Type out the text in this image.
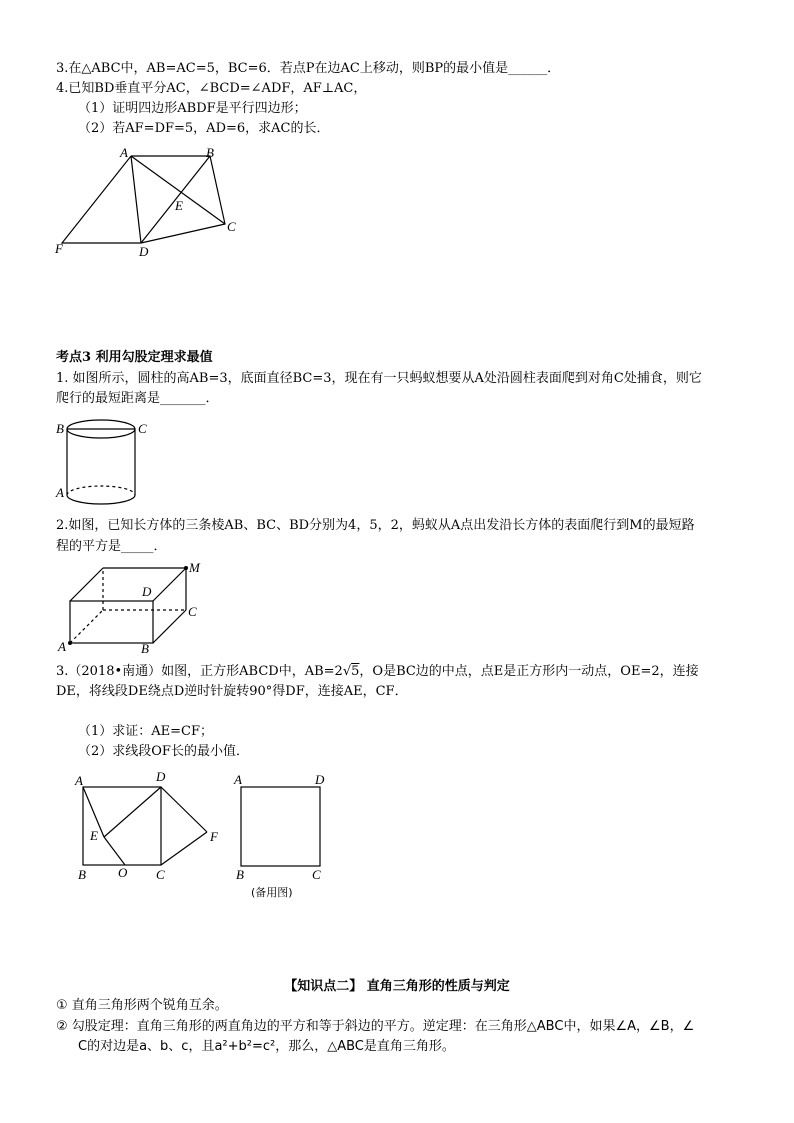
3.在△ABC中，AB=AC=5，BC=6．若点P在边AC上移动，则BP的最小值是______．
4.已知BD垂直平分AC，∠BCD=∠ADF，AF⊥AC，
（1）证明四边形ABDF是平行四边形；
（2）若AF=DF=5，AD=6，求AC的长．
A	B
C
D
E
F
考点3 利用勾股定理求最值
1. 如图所示，圆柱的高AB=3，底面直径BC=3，现在有一只蚂蚁想要从A处沿圆柱表面爬到对角C处捕食，则它
爬行的最短距离是_______．
B	C
A
2.如图，已知长方体的三条棱AB、BC、BD分别为4，5，2，蚂蚁从A点出发沿长方体的表面爬行到M的最短路
程的平方是_____．
M
D
C
A	B
3.（2018•南通）如图，正方形ABCD中，AB=2√5，O是BC边的中点，点E是正方形内一动点，OE=2，连接
DE，将线段DE绕点D逆时针旋转90°得DF，连接AE，CF．
（1）求证：AE=CF；
（2）求线段OF长的最小值．
A	D
E	F
B O C
A	D
B	C
(备用图)
【知识点二】 直角三角形的性质与判定
① 直角三角形两个锐角互余。
② 勾股定理：直角三角形的两直角边的平方和等于斜边的平方。逆定理：在三角形△ABC中，如果∠A，∠B，∠
C的对边是a、b、c，且a²+b²=c²，那么，△ABC是直角三角形。
